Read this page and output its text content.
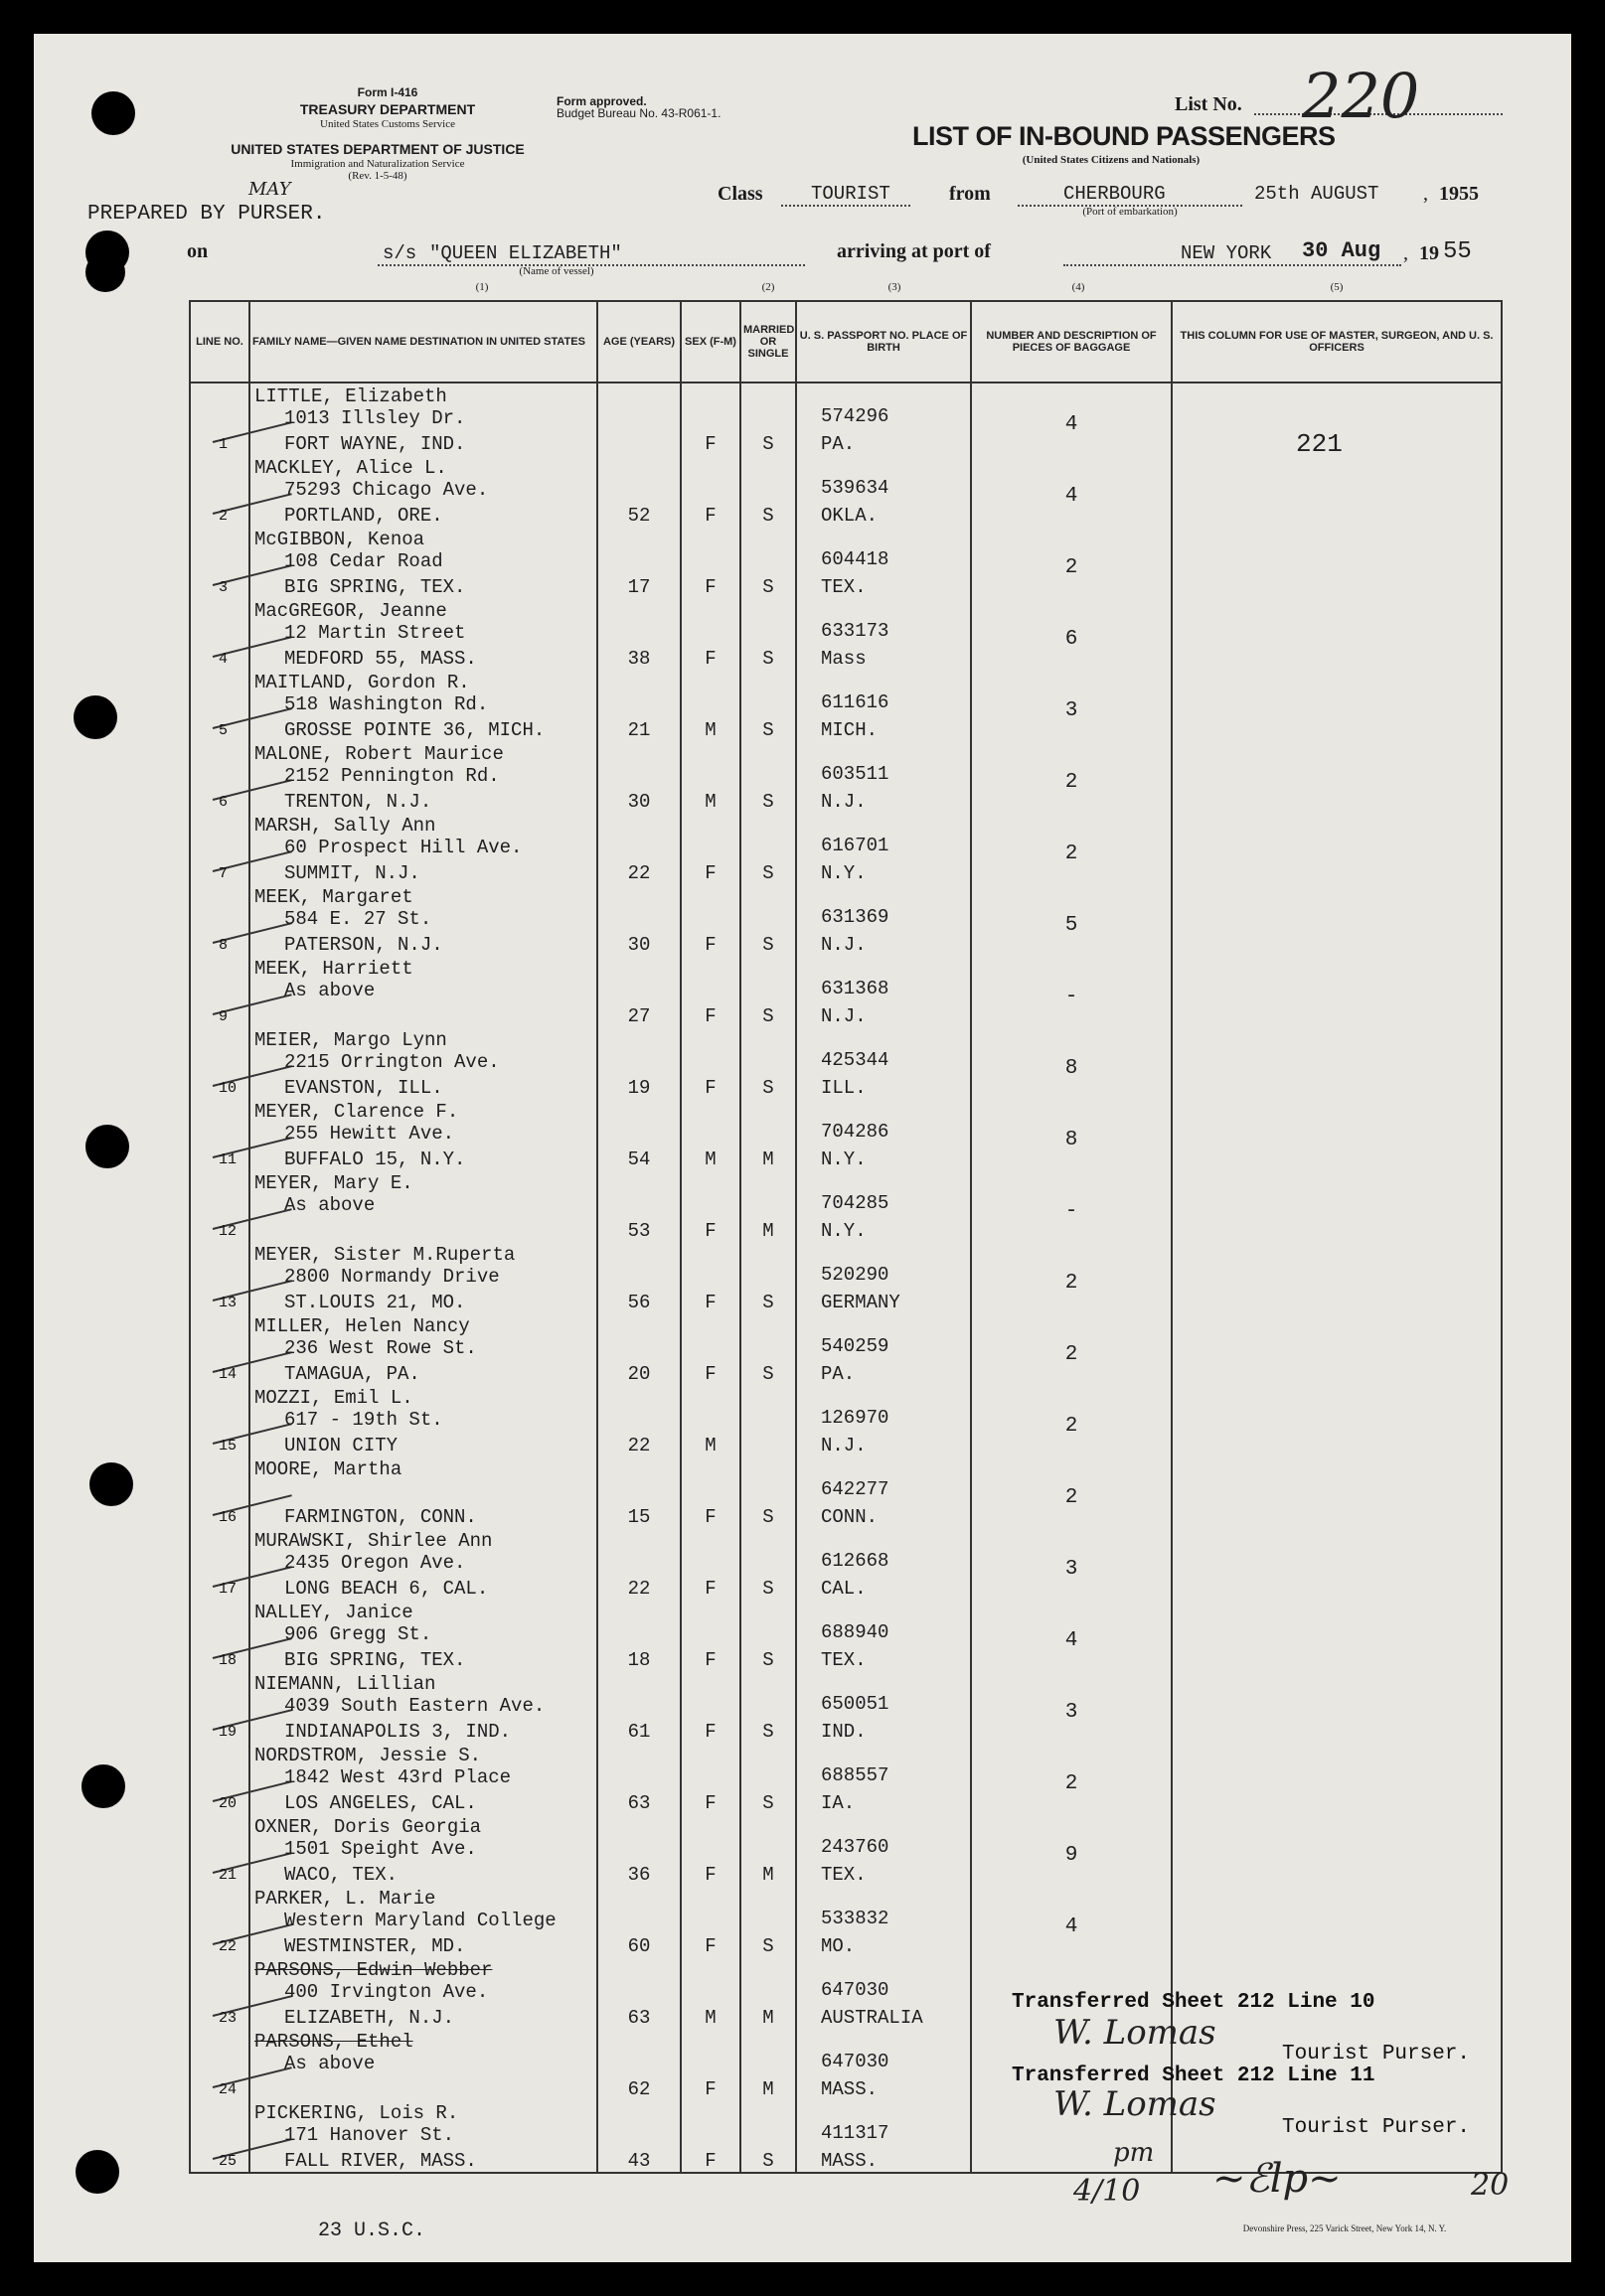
Form I-416
TREASURY DEPARTMENT
United States Customs Service
UNITED STATES DEPARTMENT OF JUSTICE
Immigration and Naturalization Service
(Rev. 1-5-48)
Form approved.
Budget Bureau No. 43-R061-1.	List No. 220
LIST OF IN-BOUND PASSENGERS
(United States Citizens and Nationals)
MAY
PREPARED BY PURSER.
Class	TOURIST	from	CHERBOURG
(Port of embarkation)
25th AUGUST , 1955
on	s/s "QUEEN ELIZABETH"
(Name of vessel)
arriving at port of	NEW YORK 30 Aug , 19 55
(1)	(2)	(3)	(4)	(5)
LINE NO.	FAMILY NAME—GIVEN NAME DESTINATION IN UNITED STATES	AGE (YEARS)	SEX (F-M)	MARRIED OR SINGLE	U. S. PASSPORT NO. PLACE OF BIRTH	NUMBER AND DESCRIPTION OF PIECES OF BAGGAGE	THIS COLUMN FOR USE OF MASTER, SURGEON, AND U. S. OFFICERS

1	LITTLE, Elizabeth
1013 Illsley Dr.
FORT WAYNE, IND.		F	S	574296
PA.	4	

2	MACKLEY, Alice L.
75293 Chicago Ave.
PORTLAND, ORE.	52	F	S	539634
OKLA.	4	

3	McGIBBON, Kenoa
108 Cedar Road
BIG SPRING, TEX.	17	F	S	604418
TEX.	2	

4	MacGREGOR, Jeanne
12 Martin Street
MEDFORD 55, MASS.	38	F	S	633173
Mass	6	

5	MAITLAND, Gordon R.
518 Washington Rd.
GROSSE POINTE 36, MICH.	21	M	S	611616
MICH.	3	

6	MALONE, Robert Maurice
2152 Pennington Rd.
TRENTON, N.J.	30	M	S	603511
N.J.	2	

7	MARSH, Sally Ann
60 Prospect Hill Ave.
SUMMIT, N.J.	22	F	S	616701
N.Y.	2	

8	MEEK, Margaret
584 E. 27 St.
PATERSON, N.J.	30	F	S	631369
N.J.	5	

9	MEEK, Harriett
As above	27	F	S	631368
N.J.	-	

10	MEIER, Margo Lynn
2215 Orrington Ave.
EVANSTON, ILL.	19	F	S	425344
ILL.	8	

11	MEYER, Clarence F.
255 Hewitt Ave.
BUFFALO 15, N.Y.	54	M	M	704286
N.Y.	8	

12	MEYER, Mary E.
As above	53	F	M	704285
N.Y.	-	

13	MEYER, Sister M.Ruperta
2800 Normandy Drive
ST.LOUIS 21, MO.	56	F	S	520290
GERMANY	2	

14	MILLER, Helen Nancy
236 West Rowe St.
TAMAGUA, PA.	20	F	S	540259
PA.	2	

15	MOZZI, Emil L.
617 - 19th St.
UNION CITY	22	M		126970
N.J.	2	

16	MOORE, Martha
FARMINGTON, CONN.	15	F	S	642277
CONN.	2	

17	MURAWSKI, Shirlee Ann
2435 Oregon Ave.
LONG BEACH 6, CAL.	22	F	S	612668
CAL.	3	

18	NALLEY, Janice
906 Gregg St.
BIG SPRING, TEX.	18	F	S	688940
TEX.	4	

19	NIEMANN, Lillian
4039 South Eastern Ave.
INDIANAPOLIS 3, IND.	61	F	S	650051
IND.	3	

20	NORDSTROM, Jessie S.
1842 West 43rd Place
LOS ANGELES, CAL.	63	F	S	688557
IA.	2	

21	OXNER, Doris Georgia
1501 Speight Ave.
WACO, TEX.	36	F	M	243760
TEX.	9	

22	PARKER, L. Marie
Western Maryland College
WESTMINSTER, MD.	60	F	S	533832
MO.	4	

23	PARSONS, Edwin Webber
400 Irvington Ave.
ELIZABETH, N.J.	63	M	M	647030
AUSTRALIA		

24	PARSONS, Ethel
As above	62	F	M	647030
MASS.		

25	PICKERING, Lois R.
171 Hanover St.
FALL RIVER, MASS.	43	F	S	411317
MASS.		

221
Transferred Sheet 212 Line 10
W. Lomas
Tourist Purser.
Transferred Sheet 212 Line 11
W. Lomas
Tourist Purser.
pm
4/10 ~ℰlp~	20
23 U.S.C.	Devonshire Press, 225 Varick Street, New York 14, N. Y.
